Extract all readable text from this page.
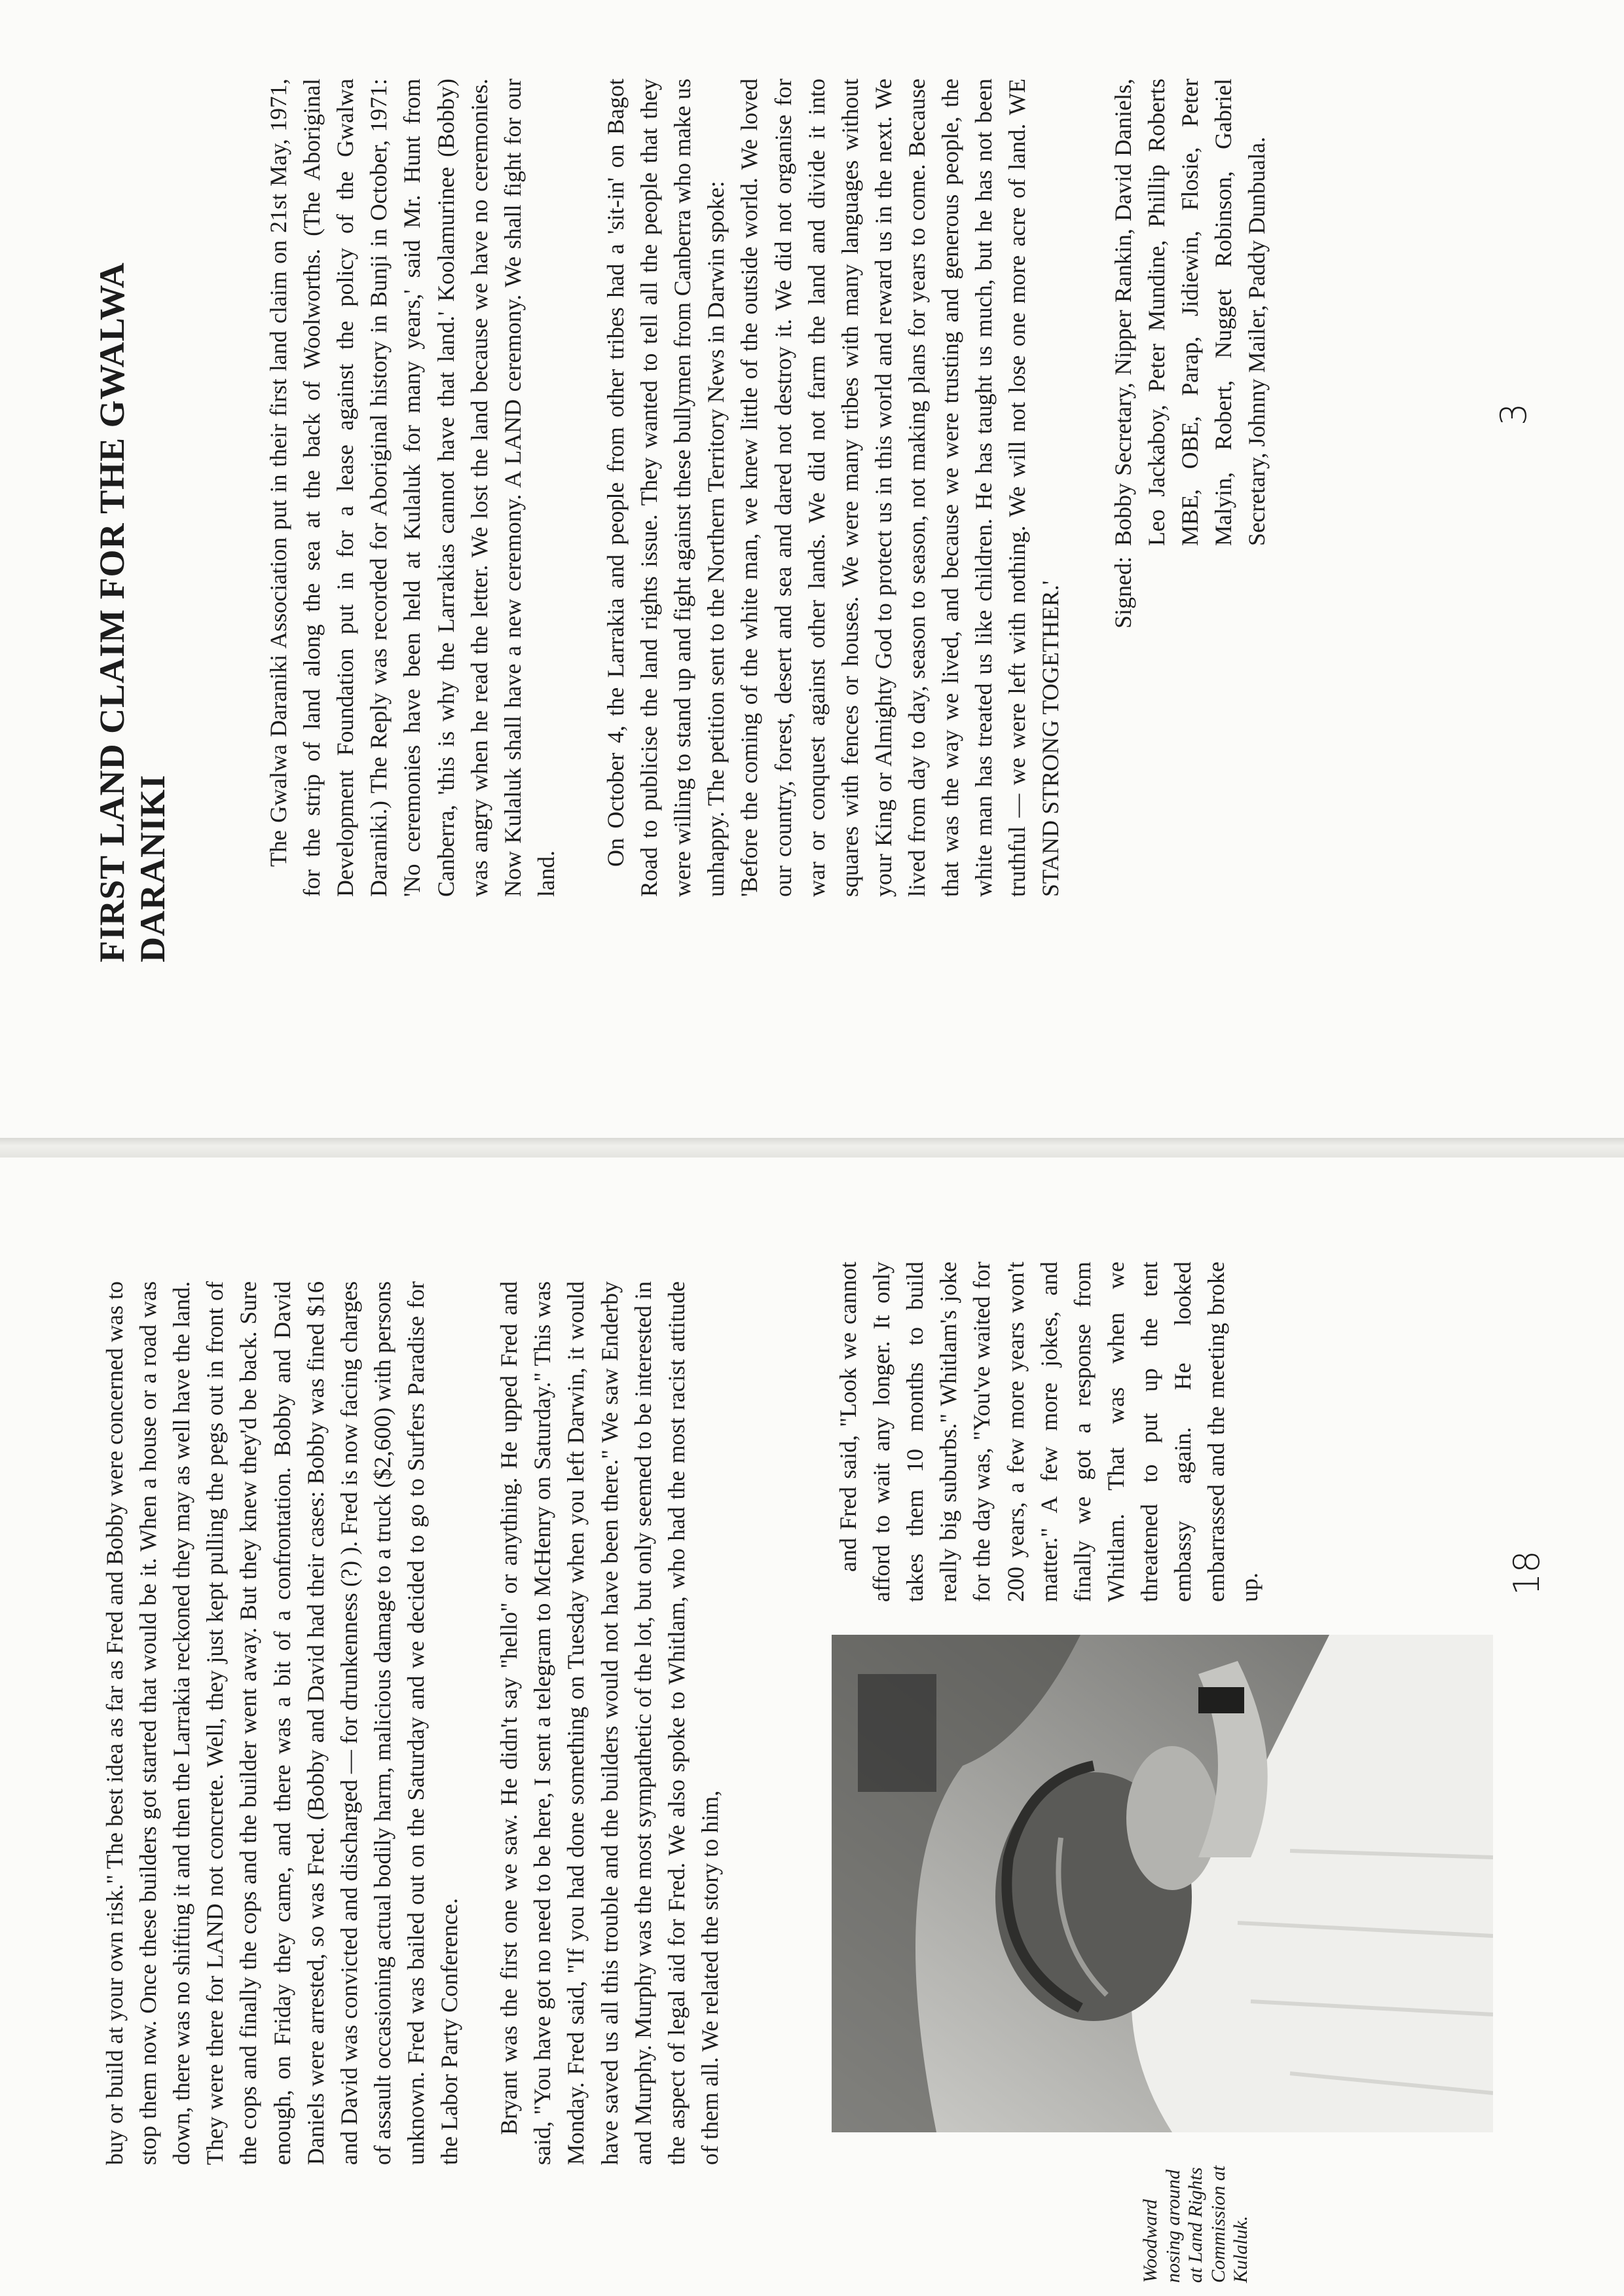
FIRST LAND CLAIM FOR THE GWALWA DARANIKI

The Gwalwa Daraniki Association put in their first land claim on 21st May, 1971, for the strip of land along the sea at the back of Woolworths. (The Aboriginal Development Foundation put in for a lease against the policy of the Gwalwa Daraniki.) The Reply was recorded for Aboriginal history in Bunji in October, 1971: 'No ceremonies have been held at Kulaluk for many years,' said Mr. Hunt from Canberra, 'this is why the Larrakias cannot have that land.' Koolamurinee (Bobby) was angry when he read the letter. We lost the land because we have no ceremonies. Now Kulaluk shall have a new ceremony. A LAND ceremony. We shall fight for our land.

On October 4, the Larrakia and people from other tribes had a 'sit-in' on Bagot Road to publicise the land rights issue. They wanted to tell all the people that they were willing to stand up and fight against these bullymen from Canberra who make us unhappy. The petition sent to the Northern Territory News in Darwin spoke: 'Before the coming of the white man, we knew little of the outside world. We loved our country, forest, desert and sea and dared not destroy it. We did not organise for war or conquest against other lands. We did not farm the land and divide it into squares with fences or houses. We were many tribes with many languages without your King or Almighty God to protect us in this world and reward us in the next. We lived from day to day, season to season, not making plans for years to come. Because that was the way we lived, and because we were trusting and generous people, the white man has treated us like children. He has taught us much, but he has not been truthful — we were left with nothing. We will not lose one more acre of land. WE STAND STRONG TOGETHER.' Signed:
Bobby Secretary, Nipper Rankin, David Daniels, Leo Jackaboy, Peter Mundine, Phillip Roberts MBE, OBE, Parap, Jidiewin, Flosie, Peter Malyin, Robert, Nugget Robinson, Gabriel Secretary, Johnny Mailer, Paddy Dunbuala.	3

buy or build at your own risk." The best idea as far as Fred and Bobby were concerned was to stop them now. Once these builders got started that would be it. When a house or a road was down, there was no shifting it and then the Larrakia reckoned they may as well have the land. They were there for LAND not concrete. Well, they just kept pulling the pegs out in front of the cops and finally the cops and the builder went away. But they knew they'd be back. Sure enough, on Friday they came, and there was a bit of a confrontation. Bobby and David Daniels were arrested, so was Fred. (Bobby and David had their cases: Bobby was fined $16 and David was convicted and discharged — for drunkenness (?) ). Fred is now facing charges of assault occasioning actual bodily harm, malicious damage to a truck ($2,600) with persons unknown. Fred was bailed out on the Saturday and we decided to go to Surfers Paradise for the Labor Party Conference. Bryant was the first one we saw. He didn't say "hello" or anything. He upped Fred and said, "You have got no need to be here, I sent a telegram to McHenry on Saturday." This was Monday. Fred said, "If you had done something on Tuesday when you left Darwin, it would have saved us all this trouble and the builders would not have been there." We saw Enderby and Murphy. Murphy was the most sympathetic of the lot, but only seemed to be interested in the aspect of legal aid for Fred. We also spoke to Whitlam, who had the most racist attitude of them all. We related the story to him,

and Fred said, "Look we cannot afford to wait any longer. It only takes them 10 months to build really big suburbs." Whitlam's joke for the day was, "You've waited for 200 years, a few more years won't matter." A few more jokes, and finally we got a response from Whitlam. That was when we threatened to put up the tent embassy again. He looked embarrassed and the meeting broke up.

Woodward nosing around at Land Rights Commission at Kulaluk.
18
